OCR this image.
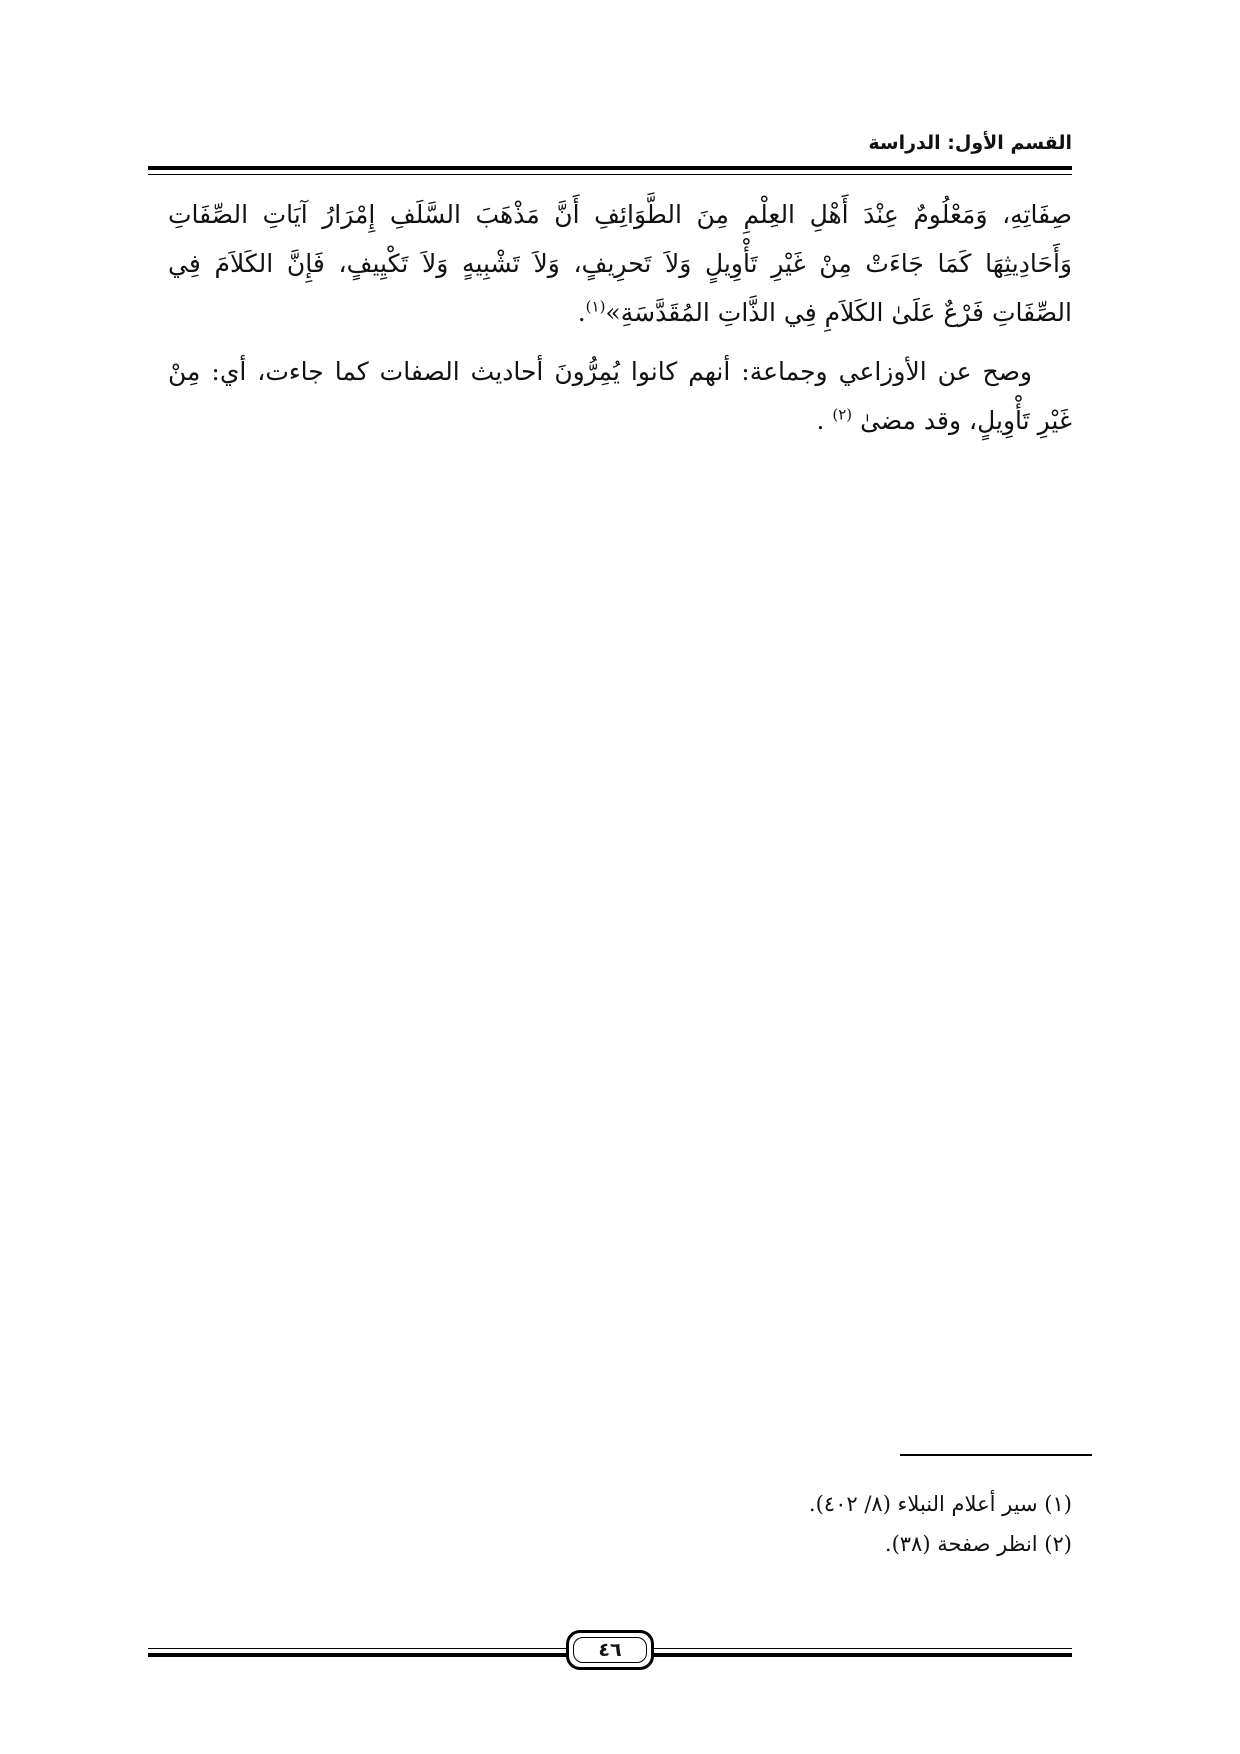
القسم الأول: الدراسة

صِفَاتِهِ، وَمَعْلُومٌ عِنْدَ أَهْلِ العِلْمِ مِنَ الطَّوَائِفِ أَنَّ مَذْهَبَ السَّلَفِ إِمْرَارُ آيَاتِ الصِّفَاتِ وَأَحَادِيثِهَا كَمَا جَاءَتْ مِنْ غَيْرِ تَأْوِيلٍ وَلاَ تَحرِيفٍ، وَلاَ تَشْبِيهٍ وَلاَ تَكْيِيفٍ، فَإِنَّ الكَلاَمَ فِي الصِّفَاتِ فَرْعٌ عَلَىٰ الكَلاَمِ فِي الذَّاتِ المُقَدَّسَةِ»$^{(١)}$.

وصح عن الأوزاعي وجماعة: أنهم كانوا يُمِرُّونَ أحاديث الصفات كما جاءت، أي: مِنْ غَيْرِ تَأْوِيلٍ، وقد مضىٰ $^{(٢)}$ .

(١) سير أعلام النبلاء (٨/ ٤٠٢).

(٢) انظر صفحة (٣٨).

٤٦
